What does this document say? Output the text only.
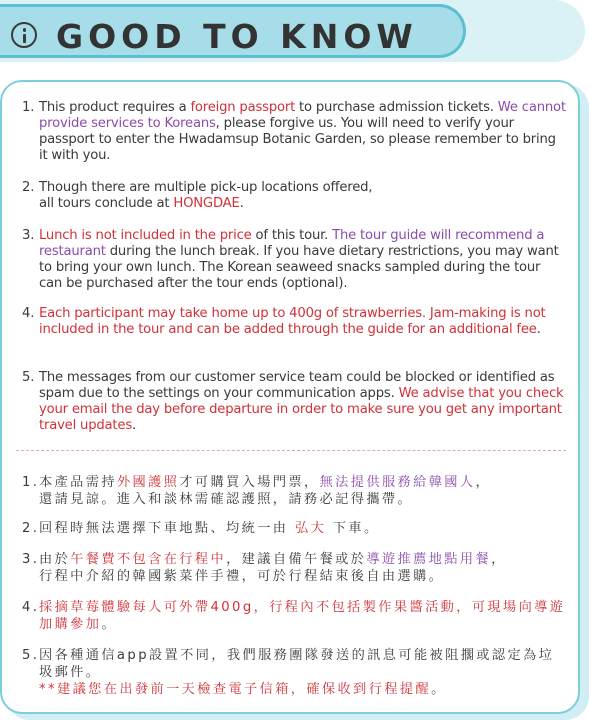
GOOD TO KNOW
1. This product requires a foreign passport to purchase admission tickets. We cannot provide services to Koreans, please forgive us. You will need to verify your passport to enter the Hwadamsup Botanic Garden, so please remember to bring it with you.
2. Though there are multiple pick-up locations offered,
all tours conclude at HONGDAE.
3. Lunch is not included in the price of this tour. The tour guide will recommend a restaurant during the lunch break. If you have dietary restrictions, you may want to bring your own lunch. The Korean seaweed snacks sampled during the tour can be purchased after the tour ends (optional).
4. Each participant may take home up to 400g of strawberries. Jam-making is not included in the tour and can be added through the guide for an additional fee.
5. The messages from our customer service team could be blocked or identified as spam due to the settings on your communication apps. We advise that you check your email the day before departure in order to make sure you get any important travel updates.
1. 本產品需持外國護照才可購買入場門票，無法提供服務給韓國人，
還請見諒。進入和談林需確認護照，請務必記得攜帶。
2. 回程時無法選擇下車地點、均統一由 弘大 下車。
3. 由於午餐費不包含在行程中，建議自備午餐或於導遊推薦地點用餐，
行程中介紹的韓國紫菜伴手禮，可於行程結束後自由選購。
4. 採摘草莓體驗每人可外帶400g，行程內不包括製作果醬活動，可現場向導遊加購參加。
5. 因各種通信app設置不同，我們服務團隊發送的訊息可能被阻擱或認定為垃圾郵件。
**建議您在出發前一天檢查電子信箱，確保收到行程提醒。
